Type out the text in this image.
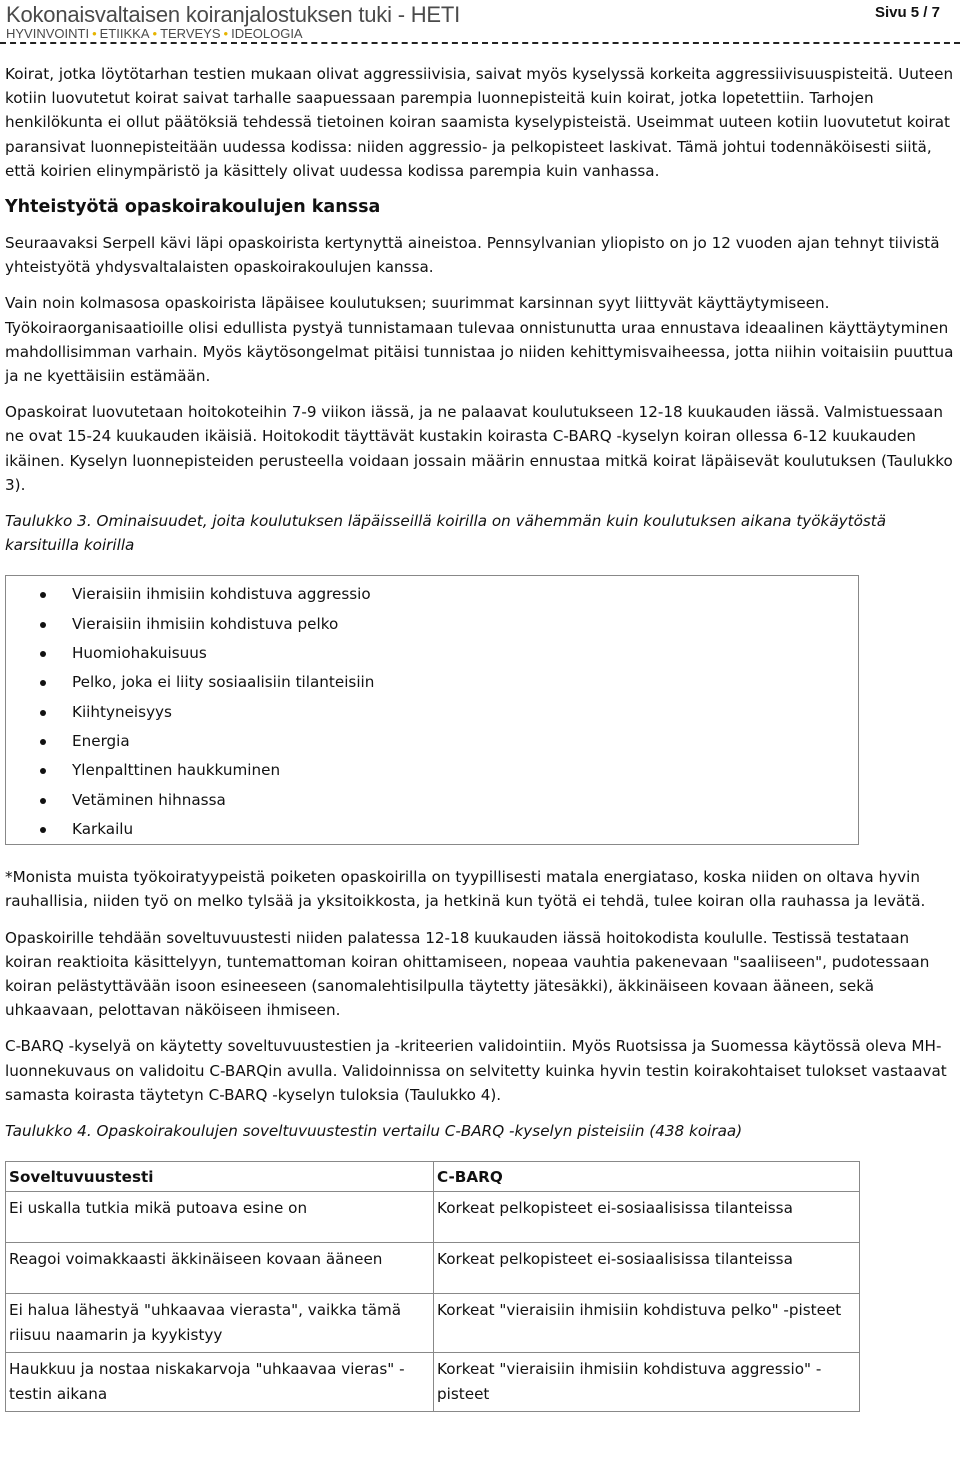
Kokonaisvaltaisen koiranjalostuksen tuki - HETI
HYVINVOINTI • ETIIKKA • TERVEYS • IDEOLOGIA
Sivu 5 / 7

Koirat, jotka löytötarhan testien mukaan olivat aggressiivisia, saivat myös kyselyssä korkeita aggressiivisuuspisteitä. Uuteen kotiin luovutetut koirat saivat tarhalle saapuessaan parempia luonnepisteitä kuin koirat, jotka lopetettiin. Tarhojen henkilökunta ei ollut päätöksiä tehdessä tietoinen koiran saamista kyselypisteistä. Useimmat uuteen kotiin luovutetut koirat paransivat luonnepisteitään uudessa kodissa: niiden aggressio- ja pelkopisteet laskivat. Tämä johtui todennäköisesti siitä, että koirien elinympäristö ja käsittely olivat uudessa kodissa parempia kuin vanhassa.

Yhteistyötä opaskoirakoulujen kanssa

Seuraavaksi Serpell kävi läpi opaskoirista kertynyttä aineistoa. Pennsylvanian yliopisto on jo 12 vuoden ajan tehnyt tiivistä yhteistyötä yhdysvaltalaisten opaskoirakoulujen kanssa.

Vain noin kolmasosa opaskoirista läpäisee koulutuksen; suurimmat karsinnan syyt liittyvät käyttäytymiseen. Työkoiraorganisaatioille olisi edullista pystyä tunnistamaan tulevaa onnistunutta uraa ennustava ideaalinen käyttäytyminen mahdollisimman varhain. Myös käytösongelmat pitäisi tunnistaa jo niiden kehittymisvaiheessa, jotta niihin voitaisiin puuttua ja ne kyettäisiin estämään.

Opaskoirat luovutetaan hoitokoteihin 7-9 viikon iässä, ja ne palaavat koulutukseen 12-18 kuukauden iässä. Valmistuessaan ne ovat 15-24 kuukauden ikäisiä. Hoitokodit täyttävät kustakin koirasta C-BARQ -kyselyn koiran ollessa 6-12 kuukauden ikäinen. Kyselyn luonnepisteiden perusteella voidaan jossain määrin ennustaa mitkä koirat läpäisevät koulutuksen (Taulukko 3).

Taulukko 3. Ominaisuudet, joita koulutuksen läpäisseillä koirilla on vähemmän kuin koulutuksen aikana työkäytöstä karsituilla koirilla

Vieraisiin ihmisiin kohdistuva aggressio
Vieraisiin ihmisiin kohdistuva pelko
Huomiohakuisuus
Pelko, joka ei liity sosiaalisiin tilanteisiin
Kiihtyneisyys
Energia
Ylenpalttinen haukkuminen
Vetäminen hihnassa
Karkailu

*Monista muista työkoiratyypeistä poiketen opaskoirilla on tyypillisesti matala energiataso, koska niiden on oltava hyvin rauhallisia, niiden työ on melko tylsää ja yksitoikkosta, ja hetkinä kun työtä ei tehdä, tulee koiran olla rauhassa ja levätä.

Opaskoirille tehdään soveltuvuustesti niiden palatessa 12-18 kuukauden iässä hoitokodista koululle. Testissä testataan koiran reaktioita käsittelyyn, tuntemattoman koiran ohittamiseen, nopeaa vauhtia pakenevaan "saaliiseen", pudotessaan koiran pelästyttävään isoon esineeseen (sanomalehtisilpulla täytetty jätesäkki), äkkinäiseen kovaan ääneen, sekä uhkaavaan, pelottavan näköiseen ihmiseen.

C-BARQ -kyselyä on käytetty soveltuvuustestien ja -kriteerien validointiin. Myös Ruotsissa ja Suomessa käytössä oleva MH-luonnekuvaus on validoitu C-BARQin avulla. Validoinnissa on selvitetty kuinka hyvin testin koirakohtaiset tulokset vastaavat samasta koirasta täytetyn C-BARQ -kyselyn tuloksia (Taulukko 4).

Taulukko 4. Opaskoirakoulujen soveltuvuustestin vertailu C-BARQ -kyselyn pisteisiin (438 koiraa)

Soveltuvuustesti	C-BARQ
Ei uskalla tutkia mikä putoava esine on	Korkeat pelkopisteet ei-sosiaalisissa tilanteissa
Reagoi voimakkaasti äkkinäiseen kovaan ääneen	Korkeat pelkopisteet ei-sosiaalisissa tilanteissa
Ei halua lähestyä "uhkaavaa vierasta", vaikka tämä riisuu naamarin ja kyykistyy	Korkeat "vieraisiin ihmisiin kohdistuva pelko" -pisteet
Haukkuu ja nostaa niskakarvoja "uhkaavaa vieras" -testin aikana	Korkeat "vieraisiin ihmisiin kohdistuva aggressio" -pisteet
